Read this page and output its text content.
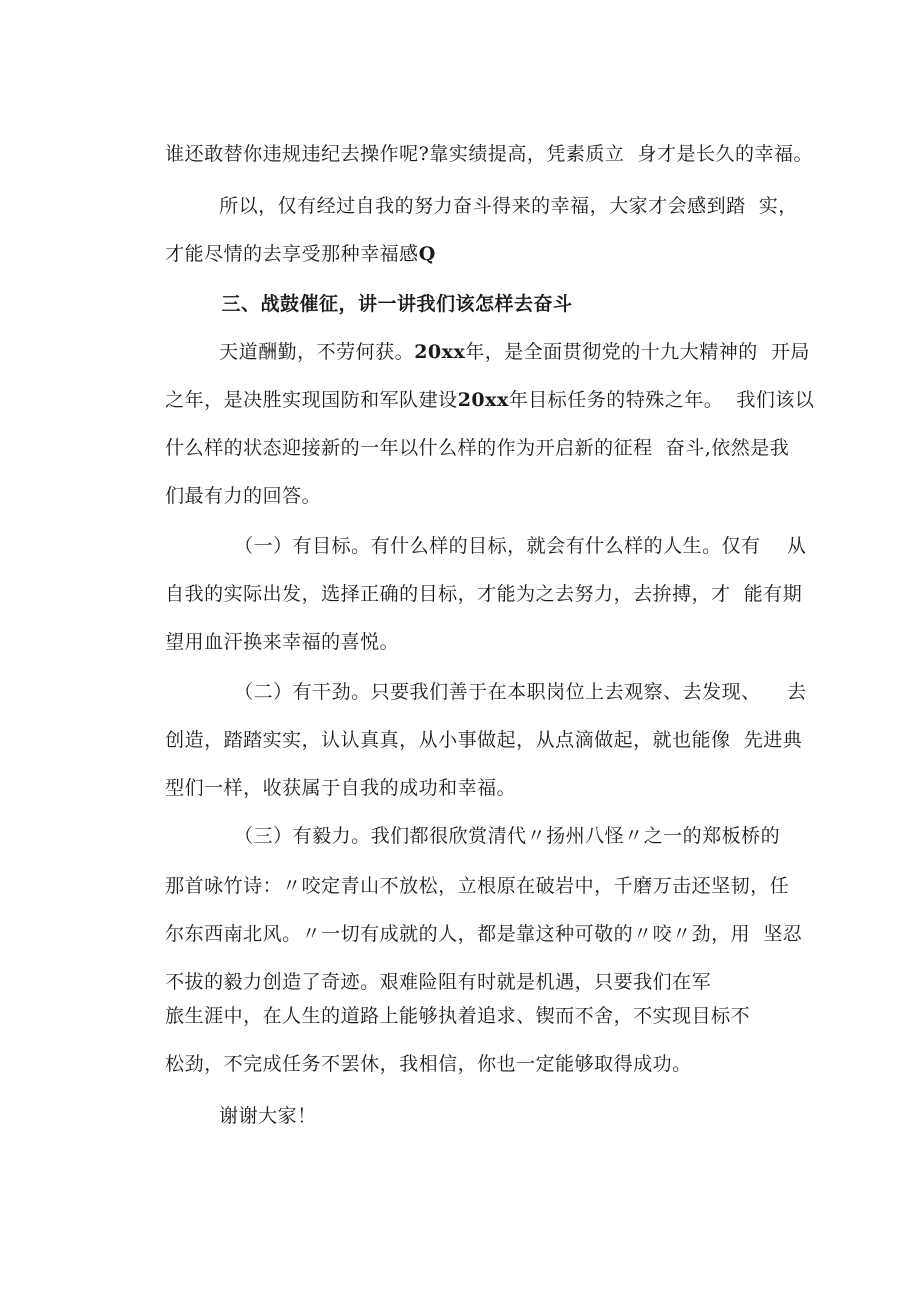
谁还敢替你违规违纪去操作呢?靠实绩提高，凭素质立  身才是长久的幸福。

所以，仅有经过自我的努力奋斗得来的幸福，大家才会感到踏  实，

才能尽情的去享受那种幸福感Q

三、战鼓催征，讲一讲我们该怎样去奋斗

天道酬勤，不劳何获。20xx年，是全面贯彻党的十九大精神的  开局

之年，是决胜实现国防和军队建设20xx年目标任务的特殊之年。  我们该以

什么样的状态迎接新的一年以什么样的作为开启新的征程  奋斗,依然是我

们最有力的回答。

（一）有目标。有什么样的目标，就会有什么样的人生。仅有    从

自我的实际出发，选择正确的目标，才能为之去努力，去拚搏，才  能有期

望用血汗换来幸福的喜悦。

（二）有干劲。只要我们善于在本职岗位上去观察、去发现、    去

创造，踏踏实实，认认真真，从小事做起，从点滴做起，就也能像  先进典

型们一样，收获属于自我的成功和幸福。

（三）有毅力。我们都很欣赏清代〃扬州八怪〃之一的郑板桥的

那首咏竹诗：〃咬定青山不放松，立根原在破岩中，千磨万击还坚韧，任

尔东西南北风。〃一切有成就的人，都是靠这种可敬的〃咬〃劲，用  坚忍

不拔的毅力创造了奇迹。艰难险阻有时就是机遇，只要我们在军

旅生涯中，在人生的道路上能够执着追求、锲而不舍，不实现目标不

松劲，不完成任务不罢休，我相信，你也一定能够取得成功。

谢谢大家！
